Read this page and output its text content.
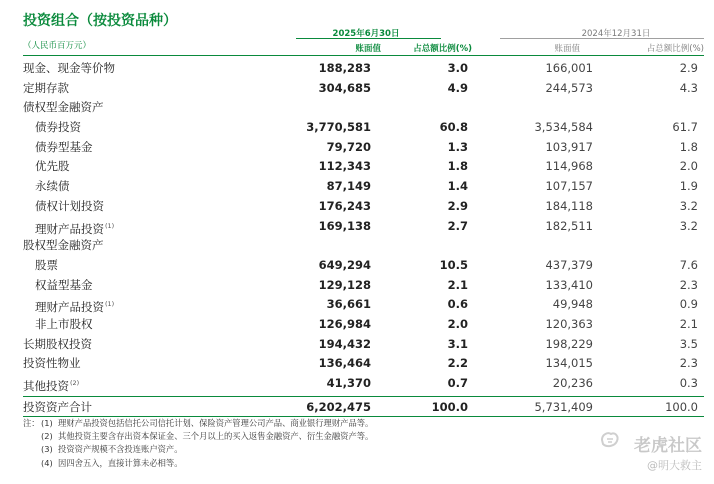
投资组合（按投资品种）
（人民币百万元）
2025年6月30日	2024年12月31日
账面值	占总额比例(%)	账面值	占总额比例(%)
现金、现金等价物	188,283	3.0	166,001	2.9
定期存款	304,685	4.9	244,573	4.3
债权型金融资产
债券投资	3,770,581	60.8	3,534,584	61.7
债券型基金	79,720	1.3	103,917	1.8
优先股	112,343	1.8	114,968	2.0
永续债	87,149	1.4	107,157	1.9
债权计划投资	176,243	2.9	184,118	3.2
理财产品投资$^{(1)}$	169,138	2.7	182,511	3.2
股权型金融资产
股票	649,294	10.5	437,379	7.6
权益型基金	129,128	2.1	133,410	2.3
理财产品投资$^{(1)}$	36,661	0.6	49,948	0.9
非上市股权	126,984	2.0	120,363	2.1
长期股权投资	194,432	3.1	198,229	3.5
投资性物业	136,464	2.2	134,015	2.3
其他投资$^{(2)}$	41,370	0.7	20,236	0.3
投资资产合计	6,202,475	100.0	5,731,409	100.0
注： (1) 理财产品投资包括信托公司信托计划、保险资产管理公司产品、商业银行理财产品等。
(2) 其他投资主要含存出资本保证金、三个月以上的买入返售金融资产、衍生金融资产等。
(3) 投资资产规模不含投连账户资产。
(4) 因四舍五入，直接计算未必相等。
老虎社区
@明大救主
